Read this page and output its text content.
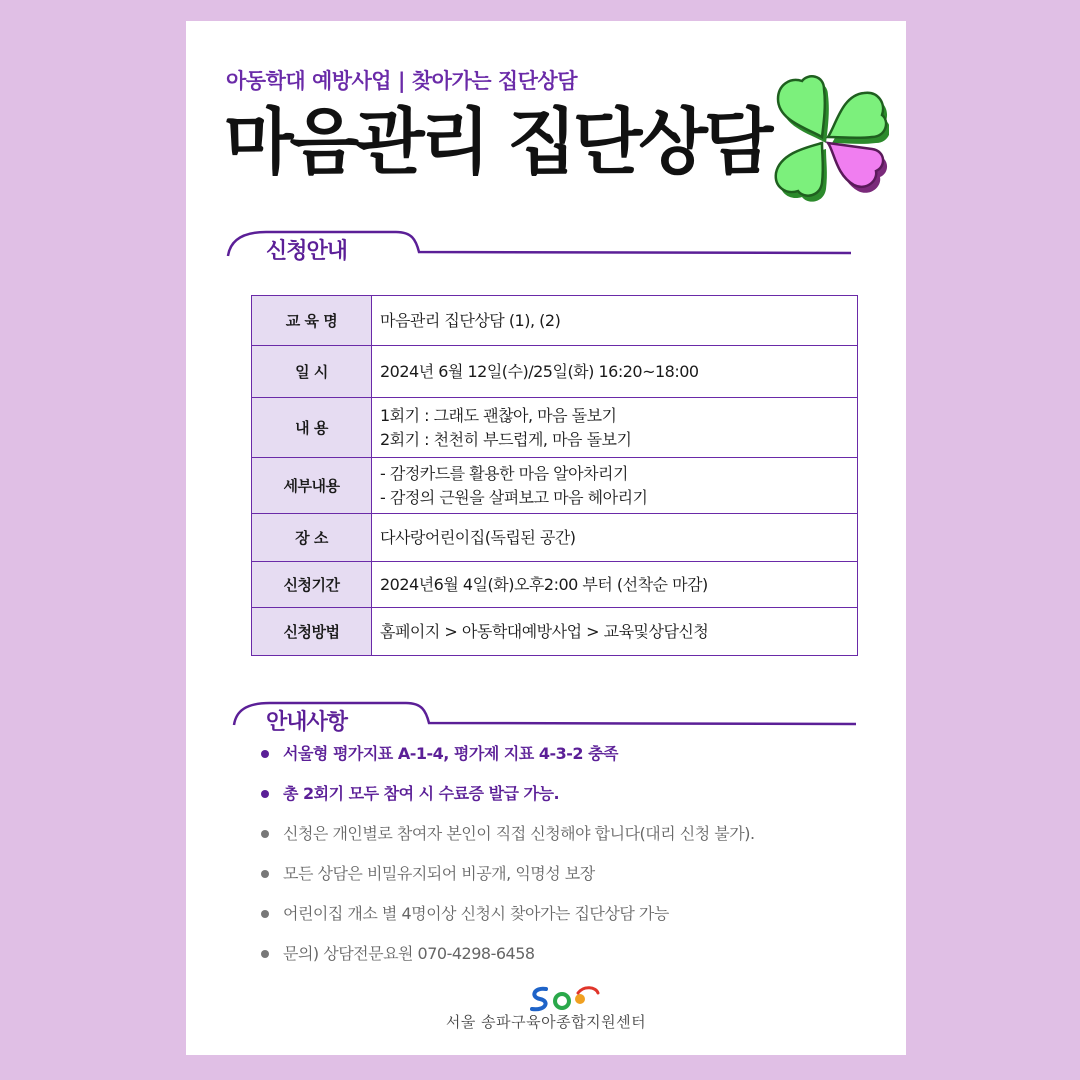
아동학대 예방사업 | 찾아가는 집단상담
마음관리 집단상담
신청안내
교 육 명	마음관리 집단상담 (1), (2)

일 시	2024년 6월 12일(수)/25일(화) 16:20~18:00

내 용	1회기 : 그래도 괜찮아, 마음 돌보기
2회기 : 천천히 부드럽게, 마음 돌보기

세부내용	- 감정카드를 활용한 마음 알아차리기
- 감정의 근원을 살펴보고 마음 헤아리기

장 소	다사랑어린이집(독립된 공간)

신청기간	2024년6월 4일(화)오후2:00 부터 (선착순 마감)

신청방법	홈페이지 > 아동학대예방사업 > 교육및상담신청
안내사항
서울형 평가지표 A-1-4, 평가제 지표 4-3-2 충족
총 2회기 모두 참여 시 수료증 발급 가능.
신청은 개인별로 참여자 본인이 직접 신청해야 합니다(대리 신청 불가).
모든 상담은 비밀유지되어 비공개, 익명성 보장
어린이집 개소 별 4명이상 신청시 찾아가는 집단상담 가능
문의) 상담전문요원 070-4298-6458
서울 송파구육아종합지원센터
